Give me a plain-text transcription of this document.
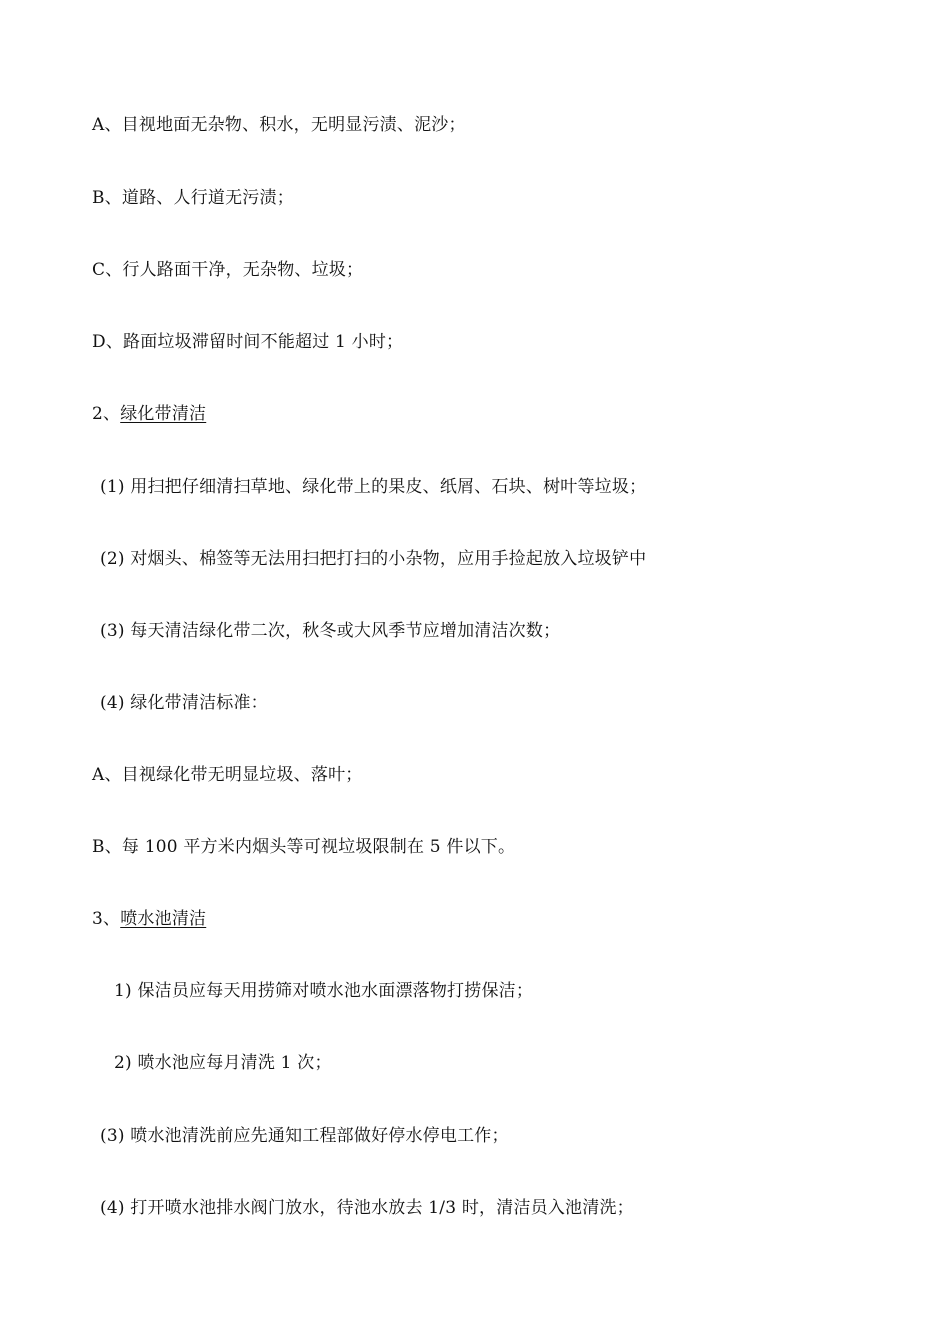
A、目视地面无杂物、积水，无明显污渍、泥沙；
B、道路、人行道无污渍；
C、行人路面干净，无杂物、垃圾；
D、路面垃圾滞留时间不能超过 1 小时；
2、绿化带清洁
(1) 用扫把仔细清扫草地、绿化带上的果皮、纸屑、石块、树叶等垃圾；
(2) 对烟头、棉签等无法用扫把打扫的小杂物，应用手捡起放入垃圾铲中
(3) 每天清洁绿化带二次，秋冬或大风季节应增加清洁次数；
(4) 绿化带清洁标准：
A、目视绿化带无明显垃圾、落叶；
B、每 100 平方米内烟头等可视垃圾限制在 5 件以下。
3、喷水池清洁
1) 保洁员应每天用捞筛对喷水池水面漂落物打捞保洁；
2) 喷水池应每月清洗 1 次；
(3) 喷水池清洗前应先通知工程部做好停水停电工作；
(4) 打开喷水池排水阀门放水，待池水放去 1/3 时，清洁员入池清洗；
